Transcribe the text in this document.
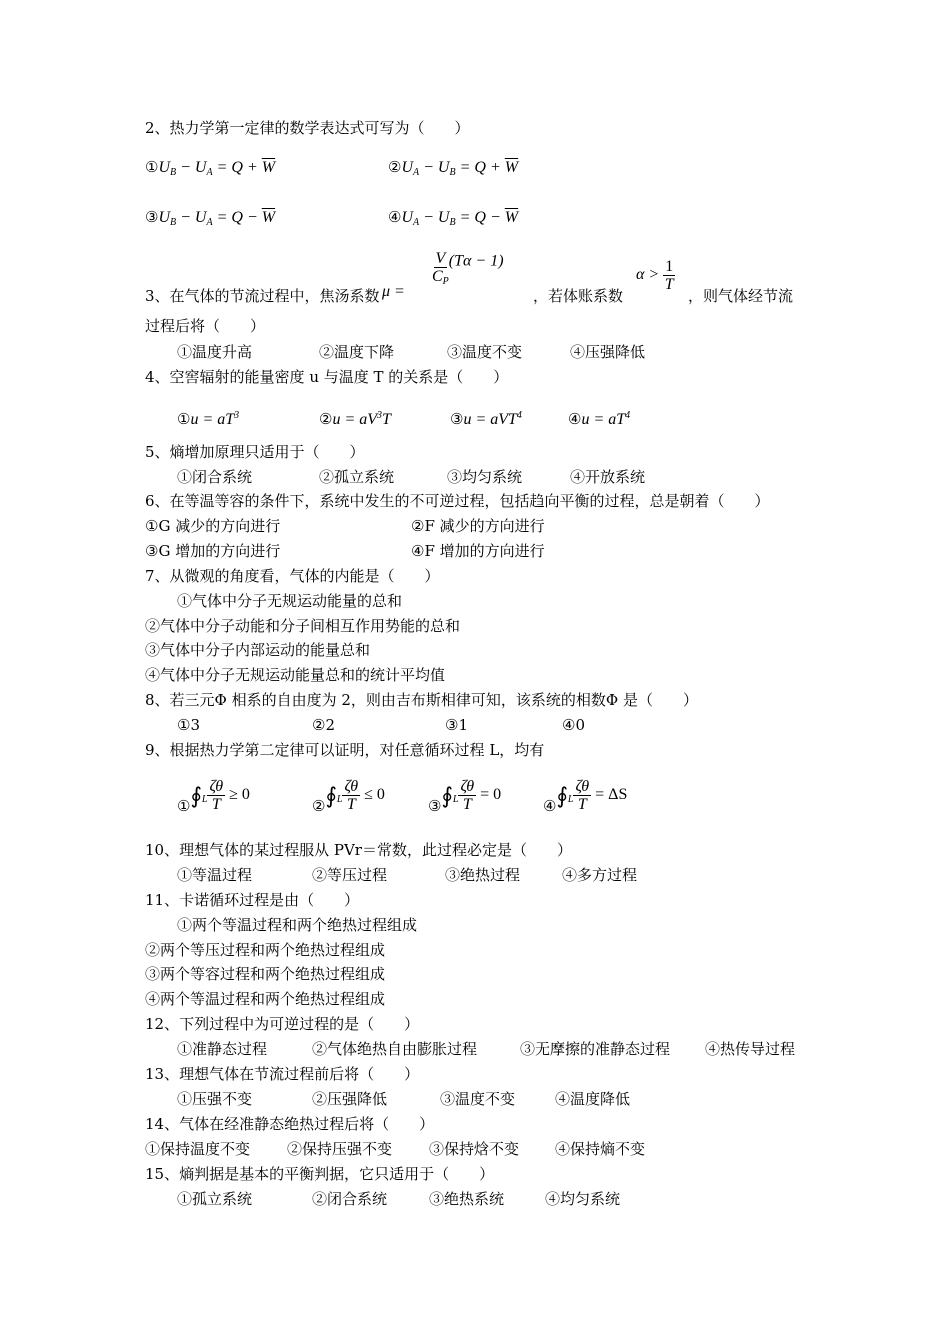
2、热力学第一定律的数学表达式可写为（　　）
$①U_B - U_A = Q + \overline{W}$	$②U_A - U_B = Q + \overline{W}$
$③U_B - U_A = Q - \overline{W}$	$④U_A - U_B = Q - \overline{W}$
3、在气体的节流过程中，焦汤系数 μ =
$\frac{V}{C_P} (T\alpha - 1)$
，若体账系数
$\alpha > \frac{1}{T}$
，则气体经节流
过程后将（　　）
①温度升高	②温度下降	③温度不变	④压强降低
4、空窖辐射的能量密度 u 与温度 T 的关系是（　　）
①u = $aT^3$	②u = $aV^3T$	③u = aVT$^4$	④u = $aT^4$
5、熵增加原理只适用于（　　）
①闭合系统	②孤立系统	③均匀系统	④开放系统
6、在等温等容的条件下，系统中发生的不可逆过程，包括趋向平衡的过程，总是朝着（　　）
①G 减少的方向进行	②F 减少的方向进行
③G 增加的方向进行	④F 增加的方向进行
7、从微观的角度看，气体的内能是（　　）
①气体中分子无规运动能量的总和
②气体中分子动能和分子间相互作用势能的总和
③气体中分子内部运动的能量总和
④气体中分子无规运动能量总和的统计平均值
8、若三元Φ 相系的自由度为 2，则由吉布斯相律可知，该系统的相数Φ 是（　　）
①3	②2	③1	④0
9、根据热力学第二定律可以证明，对任意循环过程 L，均有
$①∮_L \frac{\zeta\theta}{T} \ge 0$
$②∮_L \frac{\zeta\theta}{T} \le 0$
$③∮_L \frac{\zeta\theta}{T} = 0$
$④∮_L \frac{\zeta\theta}{T} = \Delta S$
10、理想气体的某过程服从 PVr＝常数，此过程必定是（　　）
①等温过程	②等压过程	③绝热过程	④多方过程
11、卡诺循环过程是由（　　）
①两个等温过程和两个绝热过程组成
②两个等压过程和两个绝热过程组成
③两个等容过程和两个绝热过程组成
④两个等温过程和两个绝热过程组成
12、下列过程中为可逆过程的是（　　）
①准静态过程	②气体绝热自由膨胀过程	③无摩擦的准静态过程 ④热传导过程
13、理想气体在节流过程前后将（　　）
①压强不变	②压强降低	③温度不变	④温度降低
14、气体在经准静态绝热过程后将（　　）
①保持温度不变 ②保持压强不变 ③保持焓不变 ④保持熵不变
15、熵判据是基本的平衡判据，它只适用于（　　）
①孤立系统	②闭合系统	③绝热系统	④均匀系统
